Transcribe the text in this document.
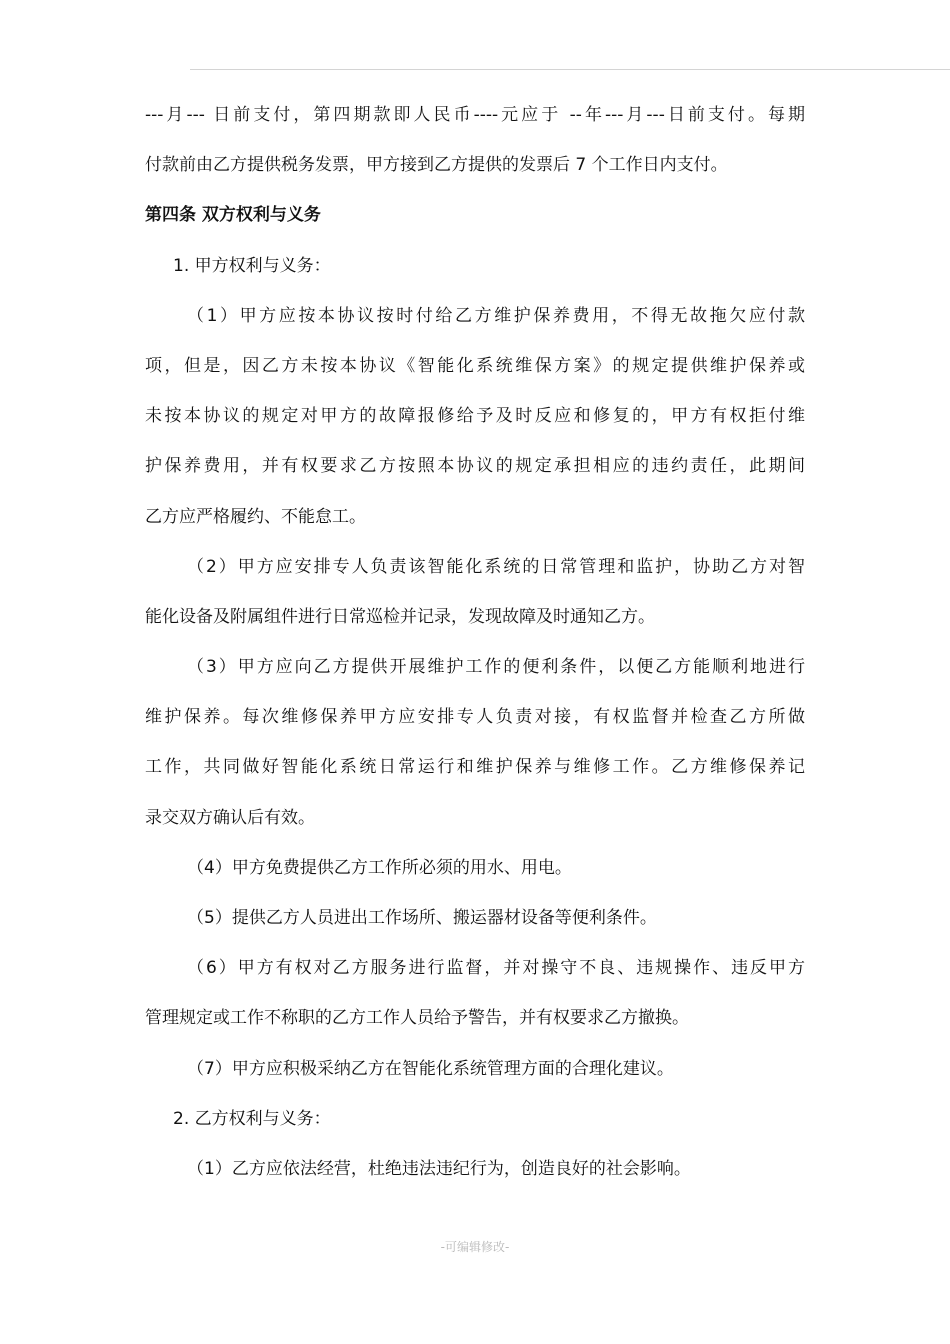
---月--- 日前支付，第四期款即人民币----元应于 --年---月---日前支付。每期
付款前由乙方提供税务发票，甲方接到乙方提供的发票后 7 个工作日内支付。
第四条 双方权利与义务
1. 甲方权利与义务：
（1）甲方应按本协议按时付给乙方维护保养费用，不得无故拖欠应付款
项，但是，因乙方未按本协议《智能化系统维保方案》的规定提供维护保养或
未按本协议的规定对甲方的故障报修给予及时反应和修复的，甲方有权拒付维
护保养费用，并有权要求乙方按照本协议的规定承担相应的违约责任，此期间
乙方应严格履约、不能怠工。
（2）甲方应安排专人负责该智能化系统的日常管理和监护，协助乙方对智
能化设备及附属组件进行日常巡检并记录，发现故障及时通知乙方。
（3）甲方应向乙方提供开展维护工作的便利条件，以便乙方能顺利地进行
维护保养。每次维修保养甲方应安排专人负责对接，有权监督并检查乙方所做
工作，共同做好智能化系统日常运行和维护保养与维修工作。乙方维修保养记
录交双方确认后有效。
（4）甲方免费提供乙方工作所必须的用水、用电。
（5）提供乙方人员进出工作场所、搬运器材设备等便利条件。
（6）甲方有权对乙方服务进行监督，并对操守不良、违规操作、违反甲方
管理规定或工作不称职的乙方工作人员给予警告，并有权要求乙方撤换。
（7）甲方应积极采纳乙方在智能化系统管理方面的合理化建议。
2. 乙方权利与义务：
（1）乙方应依法经营，杜绝违法违纪行为，创造良好的社会影响。
-可编辑修改-
